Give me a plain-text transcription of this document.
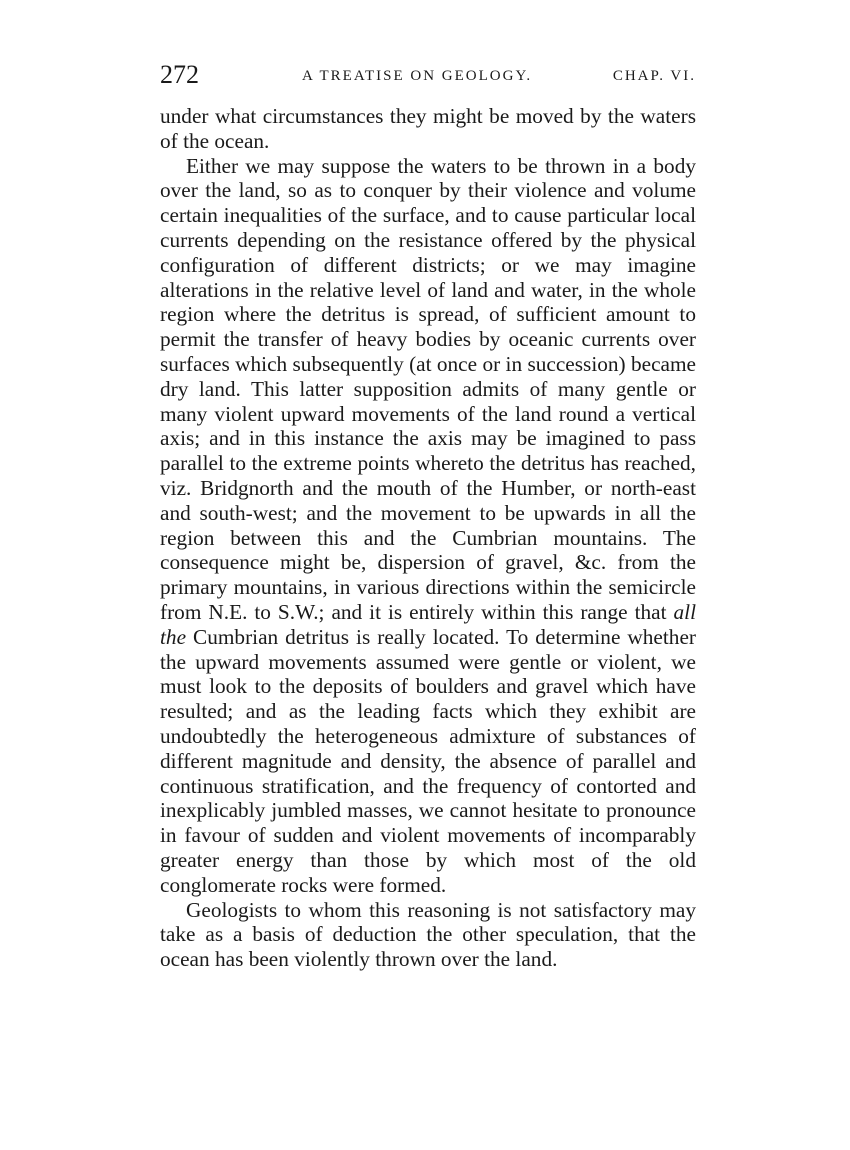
272	A TREATISE ON GEOLOGY.	CHAP. VI.

under what circumstances they might be moved by the waters of the ocean.

Either we may suppose the waters to be thrown in a body over the land, so as to conquer by their violence and volume certain inequalities of the surface, and to cause particular local currents depending on the resistance offered by the physical configuration of different districts; or we may imagine alterations in the relative level of land and water, in the whole region where the detritus is spread, of sufficient amount to permit the transfer of heavy bodies by oceanic currents over surfaces which subsequently (at once or in succession) became dry land. This latter supposition admits of many gentle or many violent upward movements of the land round a vertical axis; and in this instance the axis may be imagined to pass parallel to the extreme points whereto the detritus has reached, viz. Bridgnorth and the mouth of the Humber, or north-east and south-west; and the movement to be upwards in all the region between this and the Cumbrian mountains. The consequence might be, dispersion of gravel, &c. from the primary mountains, in various directions within the semicircle from N.E. to S.W.; and it is entirely within this range that all the Cumbrian detritus is really located. To determine whether the upward movements assumed were gentle or violent, we must look to the deposits of boulders and gravel which have resulted; and as the leading facts which they exhibit are undoubtedly the heterogeneous admixture of substances of different magnitude and density, the absence of parallel and continuous stratification, and the frequency of contorted and inexplicably jumbled masses, we cannot hesitate to pronounce in favour of sudden and violent movements of incomparably greater energy than those by which most of the old conglomerate rocks were formed.

Geologists to whom this reasoning is not satisfactory may take as a basis of deduction the other speculation, that the ocean has been violently thrown over the land.
